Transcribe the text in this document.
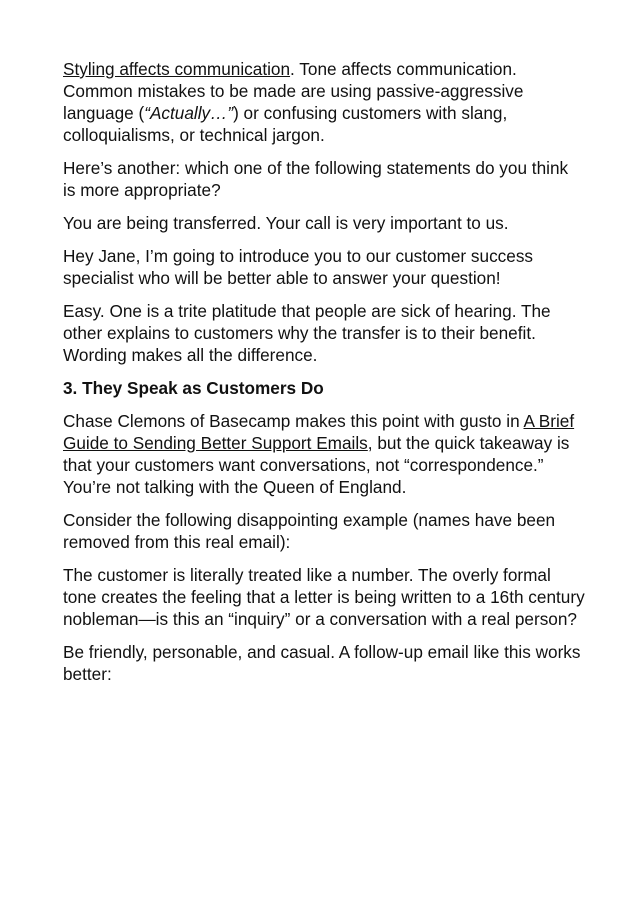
Styling affects communication. Tone affects communication. Common mistakes to be made are using passive-aggressive language (“Actually…”) or confusing customers with slang, colloquialisms, or technical jargon.

Here’s another: which one of the following statements do you think is more appropriate?

You are being transferred. Your call is very important to us.

Hey Jane, I’m going to introduce you to our customer success specialist who will be better able to answer your question!

Easy. One is a trite platitude that people are sick of hearing. The other explains to customers why the transfer is to their benefit. Wording makes all the difference.

3. They Speak as Customers Do

Chase Clemons of Basecamp makes this point with gusto in A Brief Guide to Sending Better Support Emails, but the quick takeaway is that your customers want conversations, not “correspondence.” You’re not talking with the Queen of England.

Consider the following disappointing example (names have been removed from this real email):

The customer is literally treated like a number. The overly formal tone creates the feeling that a letter is being written to a 16th century nobleman—is this an “inquiry” or a conversation with a real person?

Be friendly, personable, and casual. A follow-up email like this works better:
